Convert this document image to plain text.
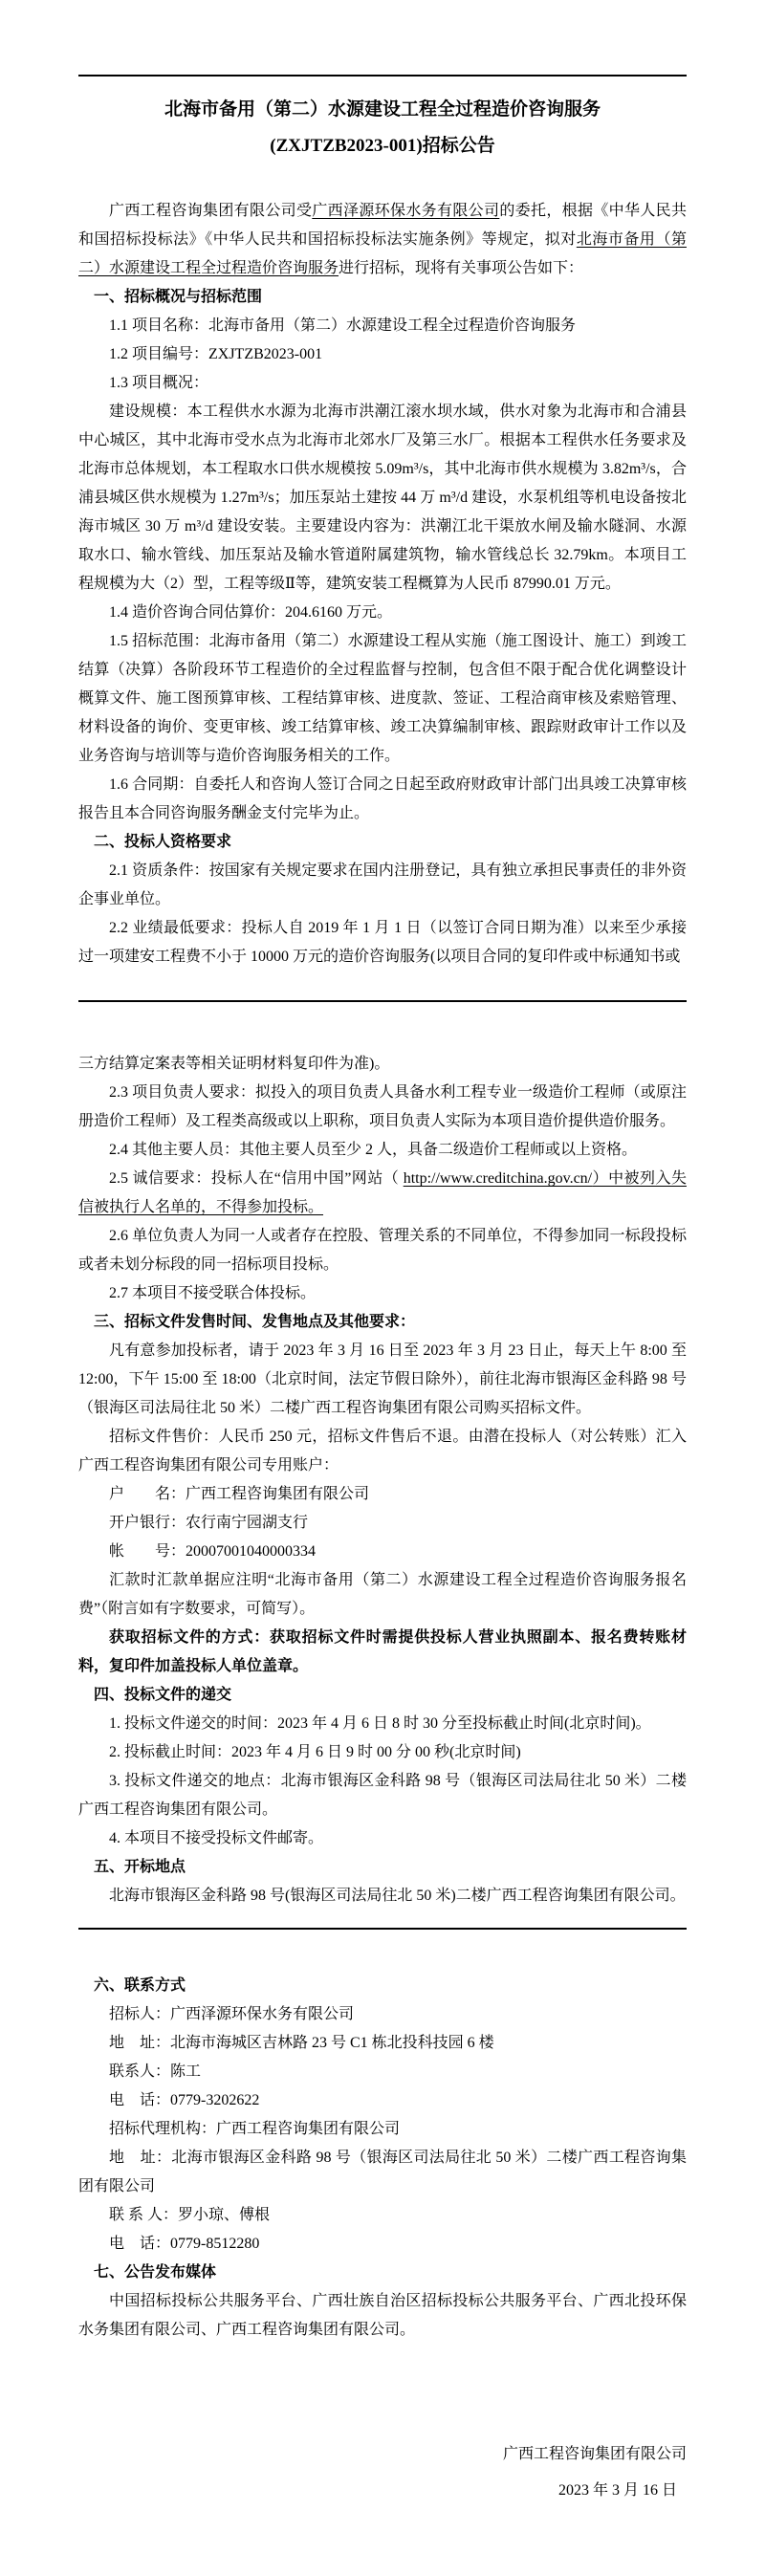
北海市备用（第二）水源建设工程全过程造价咨询服务
(ZXJTZB2023-001)招标公告

广西工程咨询集团有限公司受广西泽源环保水务有限公司的委托，根据《中华人民共和国招标投标法》《中华人民共和国招标投标法实施条例》等规定，拟对北海市备用（第二）水源建设工程全过程造价咨询服务进行招标，现将有关事项公告如下：

一、招标概况与招标范围

1.1 项目名称：北海市备用（第二）水源建设工程全过程造价咨询服务

1.2 项目编号：ZXJTZB2023-001

1.3 项目概况：

建设规模：本工程供水水源为北海市洪潮江滚水坝水域，供水对象为北海市和合浦县中心城区，其中北海市受水点为北海市北郊水厂及第三水厂。根据本工程供水任务要求及北海市总体规划，本工程取水口供水规模按 5.09m³/s，其中北海市供水规模为 3.82m³/s，合浦县城区供水规模为 1.27m³/s；加压泵站土建按 44 万 m³/d 建设，水泵机组等机电设备按北海市城区 30 万 m³/d 建设安装。主要建设内容为：洪潮江北干渠放水闸及输水隧洞、水源取水口、输水管线、加压泵站及输水管道附属建筑物，输水管线总长 32.79km。本项目工程规模为大（2）型，工程等级Ⅱ等，建筑安装工程概算为人民币 87990.01 万元。

1.4 造价咨询合同估算价：204.6160 万元。

1.5 招标范围：北海市备用（第二）水源建设工程从实施（施工图设计、施工）到竣工结算（决算）各阶段环节工程造价的全过程监督与控制，包含但不限于配合优化调整设计概算文件、施工图预算审核、工程结算审核、进度款、签证、工程洽商审核及索赔管理、材料设备的询价、变更审核、竣工结算审核、竣工决算编制审核、跟踪财政审计工作以及业务咨询与培训等与造价咨询服务相关的工作。

1.6 合同期：自委托人和咨询人签订合同之日起至政府财政审计部门出具竣工决算审核报告且本合同咨询服务酬金支付完毕为止。

二、投标人资格要求

2.1 资质条件：按国家有关规定要求在国内注册登记，具有独立承担民事责任的非外资企事业单位。

2.2 业绩最低要求：投标人自 2019 年 1 月 1 日（以签订合同日期为准）以来至少承接过一项建安工程费不小于 10000 万元的造价咨询服务(以项目合同的复印件或中标通知书或

三方结算定案表等相关证明材料复印件为准)。

2.3 项目负责人要求：拟投入的项目负责人具备水利工程专业一级造价工程师（或原注册造价工程师）及工程类高级或以上职称，项目负责人实际为本项目造价提供造价服务。

2.4 其他主要人员：其他主要人员至少 2 人，具备二级造价工程师或以上资格。

2.5 诚信要求：投标人在“信用中国”网站（ http://www.creditchina.gov.cn/）中被列入失信被执行人名单的，不得参加投标。

2.6 单位负责人为同一人或者存在控股、管理关系的不同单位，不得参加同一标段投标或者未划分标段的同一招标项目投标。

2.7 本项目不接受联合体投标。

三、招标文件发售时间、发售地点及其他要求：

凡有意参加投标者，请于 2023 年 3 月 16 日至 2023 年 3 月 23 日止，每天上午 8:00 至 12:00，下午 15:00 至 18:00（北京时间，法定节假日除外），前往北海市银海区金科路 98 号（银海区司法局往北 50 米）二楼广西工程咨询集团有限公司购买招标文件。

招标文件售价：人民币 250 元，招标文件售后不退。由潜在投标人（对公转账）汇入广西工程咨询集团有限公司专用账户：

户　　名：广西工程咨询集团有限公司

开户银行：农行南宁园湖支行

帐　　号：20007001040000334

汇款时汇款单据应注明“北海市备用（第二）水源建设工程全过程造价咨询服务报名费”（附言如有字数要求，可简写）。

获取招标文件的方式：获取招标文件时需提供投标人营业执照副本、报名费转账材料，复印件加盖投标人单位盖章。

四、投标文件的递交

1. 投标文件递交的时间：2023 年 4 月 6 日 8 时 30 分至投标截止时间(北京时间)。

2. 投标截止时间：2023 年 4 月 6 日 9 时 00 分 00 秒(北京时间)

3. 投标文件递交的地点：北海市银海区金科路 98 号（银海区司法局往北 50 米）二楼广西工程咨询集团有限公司。

4. 本项目不接受投标文件邮寄。

五、开标地点

北海市银海区金科路 98 号(银海区司法局往北 50 米)二楼广西工程咨询集团有限公司。

六、联系方式

招标人：广西泽源环保水务有限公司

地　址：北海市海城区吉林路 23 号 C1 栋北投科技园 6 楼

联系人：陈工

电　话：0779-3202622

招标代理机构：广西工程咨询集团有限公司

地　址：北海市银海区金科路 98 号（银海区司法局往北 50 米）二楼广西工程咨询集团有限公司

联 系 人：罗小琼、傅根

电　话：0779-8512280

七、公告发布媒体

中国招标投标公共服务平台、广西壮族自治区招标投标公共服务平台、广西北投环保水务集团有限公司、广西工程咨询集团有限公司。

广西工程咨询集团有限公司

2023 年 3 月 16 日
